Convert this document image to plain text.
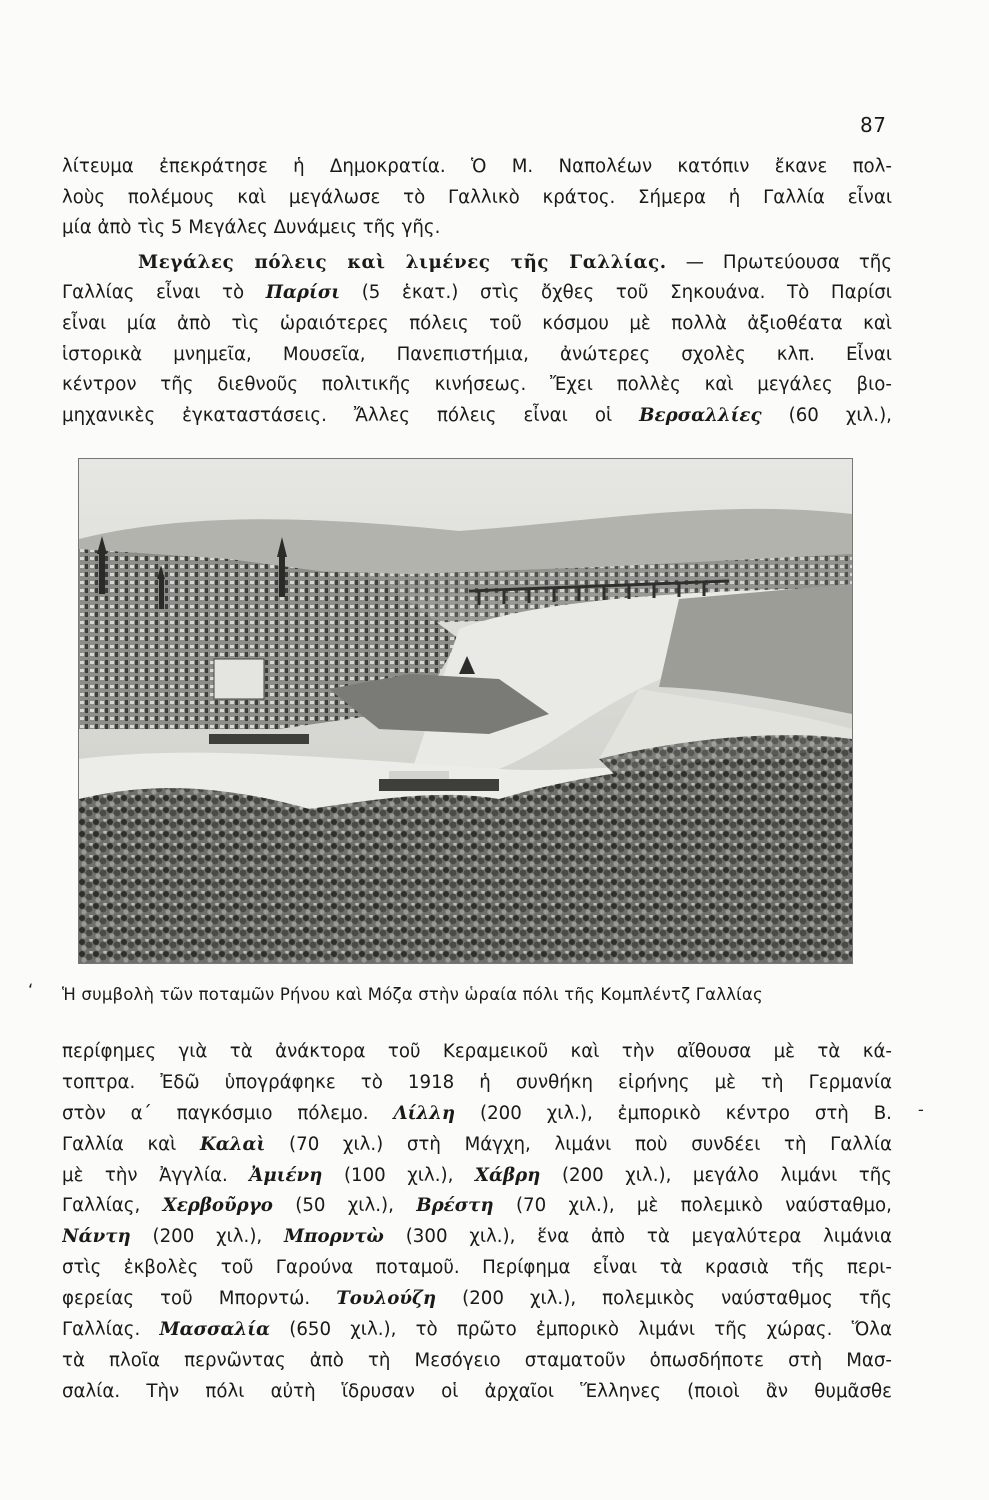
87
λίτευμα ἐπεκράτησε ἡ Δημοκρατία. Ὁ Μ. Ναπολέων κατόπιν ἔκανε πολ-
λοὺς πολέμους καὶ μεγάλωσε τὸ Γαλλικὸ κράτος. Σήμερα ἡ Γαλλία εἶναι
μία ἀπὸ τὶς 5 Μεγάλες Δυνάμεις τῆς γῆς.
Μεγάλες πόλεις καὶ λιμένες τῆς Γαλλίας. — Πρωτεύουσα τῆς
Γαλλίας εἶναι τὸ Παρίσι (5 ἑκατ.) στὶς ὄχθες τοῦ Σηκουάνα. Τὸ Παρίσι
εἶναι μία ἀπὸ τὶς ὡραιότερες πόλεις τοῦ κόσμου μὲ πολλὰ ἀξιοθέατα καὶ
ἱστορικὰ μνημεῖα, Μουσεῖα, Πανεπιστήμια, ἀνώτερες σχολὲς κλπ. Εἶναι
κέντρον τῆς διεθνοῦς πολιτικῆς κινήσεως. Ἔχει πολλὲς καὶ μεγάλες βιο-
μηχανικὲς ἐγκαταστάσεις. Ἄλλες πόλεις εἶναι οἱ Βερσαλλίες (60 χιλ.),
‘ Ἡ συμβολὴ τῶν ποταμῶν Ρήνου καὶ Μόζα στὴν ὡραία πόλι τῆς Κομπλέντζ Γαλλίας
περίφημες γιὰ τὰ ἀνάκτορα τοῦ Κεραμεικοῦ καὶ τὴν αἴθουσα μὲ τὰ κά-
τοπτρα. Ἐδῶ ὑπογράφηκε τὸ 1918 ἡ συνθήκη εἰρήνης μὲ τὴ Γερμανία
στὸν α΄ παγκόσμιο πόλεμο. Λίλλη (200 χιλ.), ἐμπορικὸ κέντρο στὴ Β.
Γαλλία καὶ Καλαὶ (70 χιλ.) στὴ Μάγχη, λιμάνι ποὺ συνδέει τὴ Γαλλία
μὲ τὴν Ἀγγλία. Ἀμιένη (100 χιλ.), Χάβρη (200 χιλ.), μεγάλο λιμάνι τῆς
Γαλλίας, Χερβοῦργο (50 χιλ.), Βρέστη (70 χιλ.), μὲ πολεμικὸ ναύσταθμο,
Νάντη (200 χιλ.), Μπορντὼ (300 χιλ.), ἕνα ἀπὸ τὰ μεγαλύτερα λιμάνια
στὶς ἐκβολὲς τοῦ Γαρούνα ποταμοῦ. Περίφημα εἶναι τὰ κρασιὰ τῆς περι-
φερείας τοῦ Μπορντώ. Τουλούζη (200 χιλ.), πολεμικὸς ναύσταθμος τῆς
Γαλλίας. Μασσαλία (650 χιλ.), τὸ πρῶτο ἐμπορικὸ λιμάνι τῆς χώρας. Ὅλα
τὰ πλοῖα περνῶντας ἀπὸ τὴ Μεσόγειο σταματοῦν ὁπωσδήποτε στὴ Μασ-
σαλία. Τὴν πόλι αὐτὴ ἵδρυσαν οἱ ἀρχαῖοι Ἕλληνες (ποιοὶ ἂν θυμᾶσθε
-
